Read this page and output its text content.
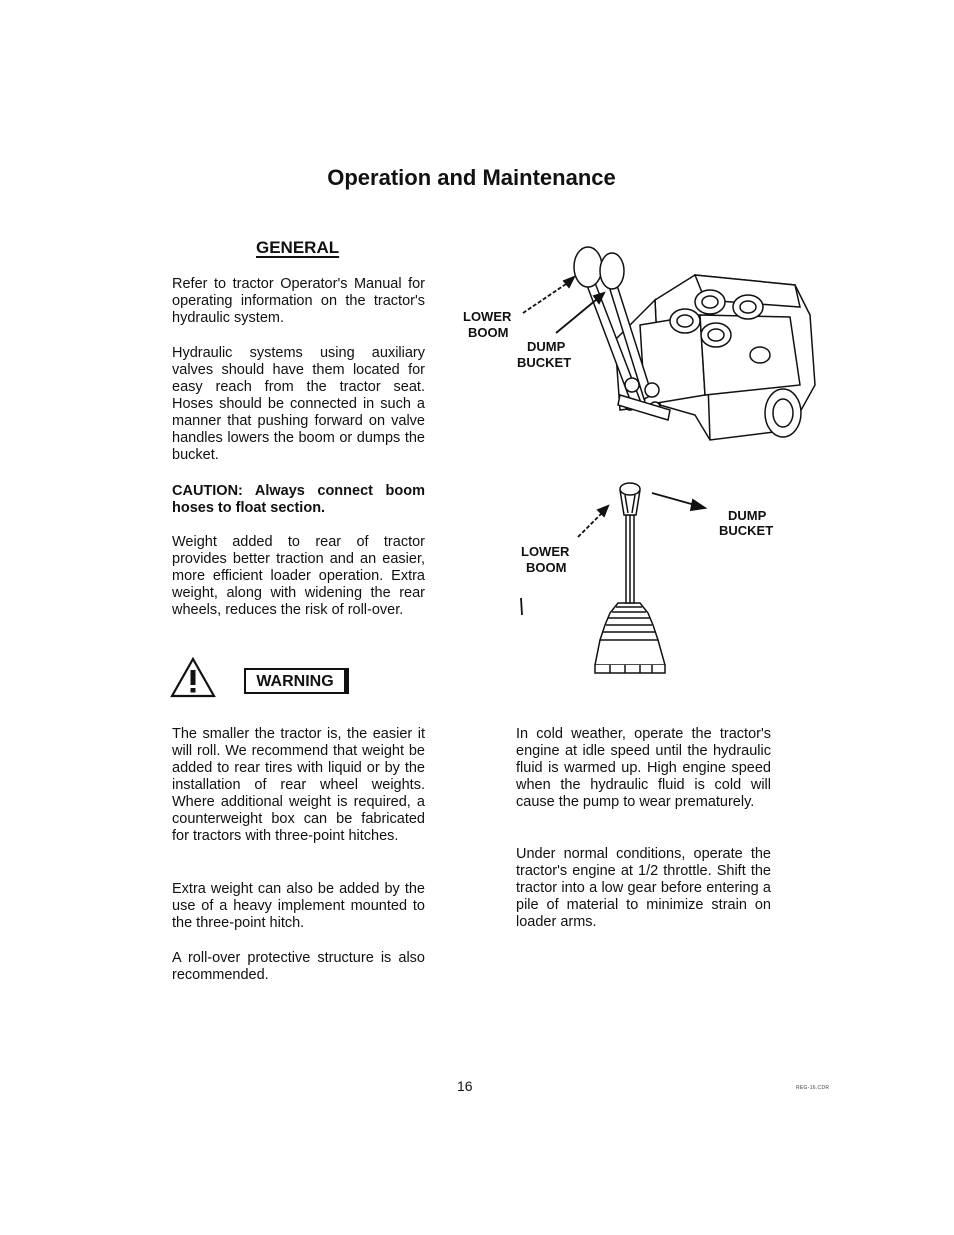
Operation and Maintenance
GENERAL
Refer to tractor Operator's Manual for operating information on the tractor's hydraulic system.
Hydraulic systems using auxiliary valves should have them located for easy reach from the tractor seat. Hoses should be connected in such a manner that pushing forward on valve handles lowers the boom or dumps the bucket.
CAUTION: Always connect boom hoses to float section.
Weight added to rear of tractor provides better traction and an easier, more efficient loader operation. Extra weight, along with widening the rear wheels, reduces the risk of roll-over.
LOWER
BOOM
DUMP
BUCKET
DUMP
BUCKET
LOWER
BOOM
WARNING
The smaller the tractor is, the easier it will roll. We recommend that weight be added to rear tires with liquid or by the installation of rear wheel weights. Where additional weight is required, a counterweight box can be fabricated for tractors with three-point hitches.
Extra weight can also be added by the use of a heavy implement mounted to the three-point hitch.
A roll-over protective structure is also recommended.
In cold weather, operate the tractor's engine at idle speed until the hydraulic fluid is warmed up. High engine speed when the hydraulic fluid is cold will cause the pump to wear prematurely.
Under normal conditions, operate the tractor's engine at 1/2 throttle. Shift the tractor into a low gear before entering a pile of material to minimize strain on loader arms.
16	REG-16.CDR
